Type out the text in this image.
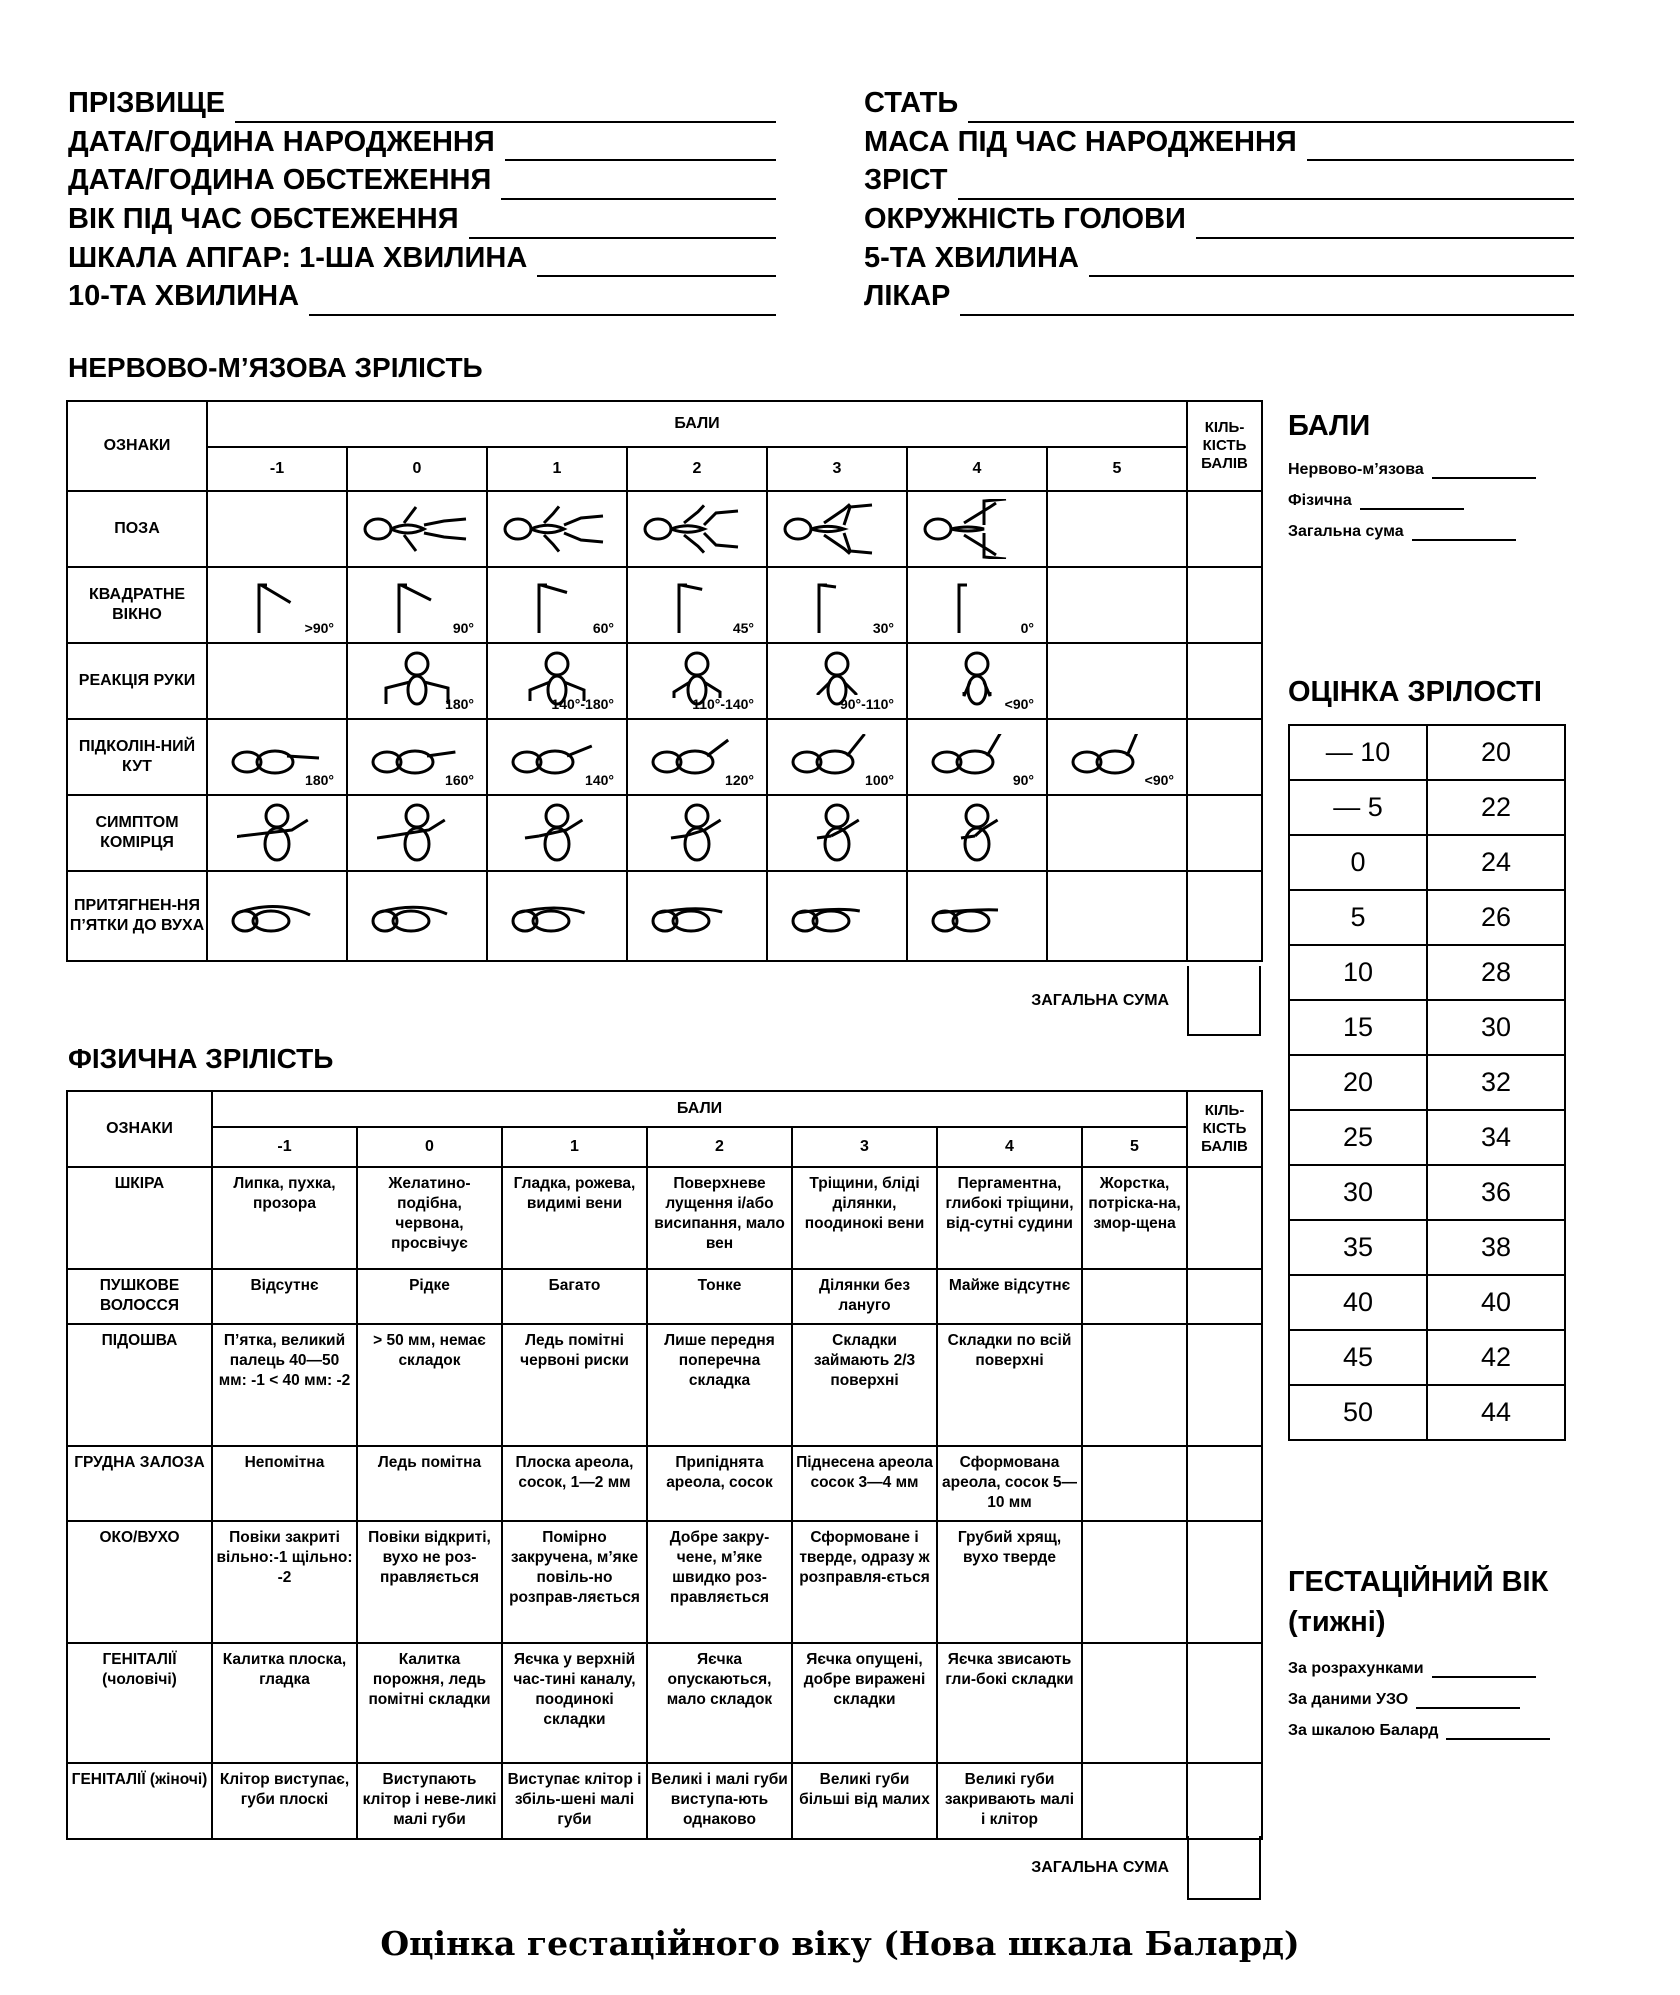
ПРІЗВИЩЕ
ДАТА/ГОДИНА НАРОДЖЕННЯ
ДАТА/ГОДИНА ОБСТЕЖЕННЯ
ВІК ПІД ЧАС ОБСТЕЖЕННЯ
ШКАЛА АПГАР: 1-ША ХВИЛИНА
10-ТА ХВИЛИНА
СТАТЬ
МАСА ПІД ЧАС НАРОДЖЕННЯ
ЗРІСТ
ОКРУЖНІСТЬ ГОЛОВИ
5-ТА ХВИЛИНА
ЛІКАР
НЕРВОВО-М’ЯЗОВА ЗРІЛІСТЬ
ОЗНАКИ	БАЛИ							КІЛЬ-КІСТЬ БАЛІВ
	-1	0	1	2	3	4	5	
ПОЗА		

КВАДРАТНЕ ВІКНО	>90°	90°	60°	45°	30°	0°		

РЕАКЦІЯ РУКИ		180°	140°-180°	110°-140°	90°-110°	<90°		

ПІДКОЛІН-НИЙ КУТ	180°	160°	140°	120°	100°	90°	<90°	

СИМПТОМ КОМІРЦЯ	

ПРИТЯГНЕН-НЯ П’ЯТКИ ДО ВУХА	

ЗАГАЛЬНА СУМА
ФІЗИЧНА ЗРІЛІСТЬ
ОЗНАКИ	БАЛИ							КІЛЬ-КІСТЬ БАЛІВ
	-1	0	1	2	3	4	5	
ШКІРА	Липка, пухка, прозора	Желатино-подібна, червона, просвічує	Гладка, рожева, видимі вени	Поверхневе лущення і/або висипання, мало вен	Тріщини, бліді ділянки, поодинокі вени	Пергаментна, глибокі тріщини, від-сутні судини	Жорстка, потріска-на, змор-щена	
ПУШКОВЕ ВОЛОССЯ	Відсутнє	Рідке	Багато	Тонке	Ділянки без лануго	Майже відсутнє		
ПІДОШВА	П’ятка, великий палець 40—50 мм: -1 < 40 мм: -2	> 50 мм, немає складок	Ледь помітні червоні риски	Лише передня поперечна складка	Складки займають 2/3 поверхні	Складки по всій поверхні		
ГРУДНА ЗАЛОЗА	Непомітна	Ледь помітна	Плоска ареола, сосок, 1—2 мм	Припіднята ареола, сосок	Піднесена ареола сосок 3—4 мм	Сформована ареола, сосок 5—10 мм		
ОКО/ВУХО	Повіки закриті вільно:-1 щільно: -2	Повіки відкриті, вухо не роз-правляється	Помірно закручена, м’яке повіль-но розправ-ляється	Добре закру-чене, м’яке швидко роз-правляється	Сформоване і тверде, одразу ж розправля-ється	Грубий хрящ, вухо тверде		
ГЕНІТАЛІЇ (чоловічі)	Калитка плоска, гладка	Калитка порожня, ледь помітні складки	Яєчка у верхній час-тині каналу, поодинокі складки	Яєчка опускаються, мало складок	Яєчка опущені, добре виражені складки	Яєчка звисають гли-бокі складки		
ГЕНІТАЛІЇ (жіночі)	Клітор виступає, губи плоскі	Виступають клітор і неве-ликі малі губи	Виступає клітор і збіль-шені малі губи	Великі і малі губи виступа-ють однаково	Великі губи більші від малих	Великі губи закривають малі і клітор		
ЗАГАЛЬНА СУМА
БАЛИ
Нервово-м’язова
Фізична
Загальна сума
ОЦІНКА ЗРІЛОСТІ
— 10	20
— 5	22
0	24
5	26
10	28
15	30
20	32
25	34
30	36
35	38
40	40
45	42
50	44
ГЕСТАЦІЙНИЙ ВІК
(тижні)
За розрахунками
За даними УЗО
За шкалою Балард
Оцінка гестаційного віку (Нова шкала Балард)
